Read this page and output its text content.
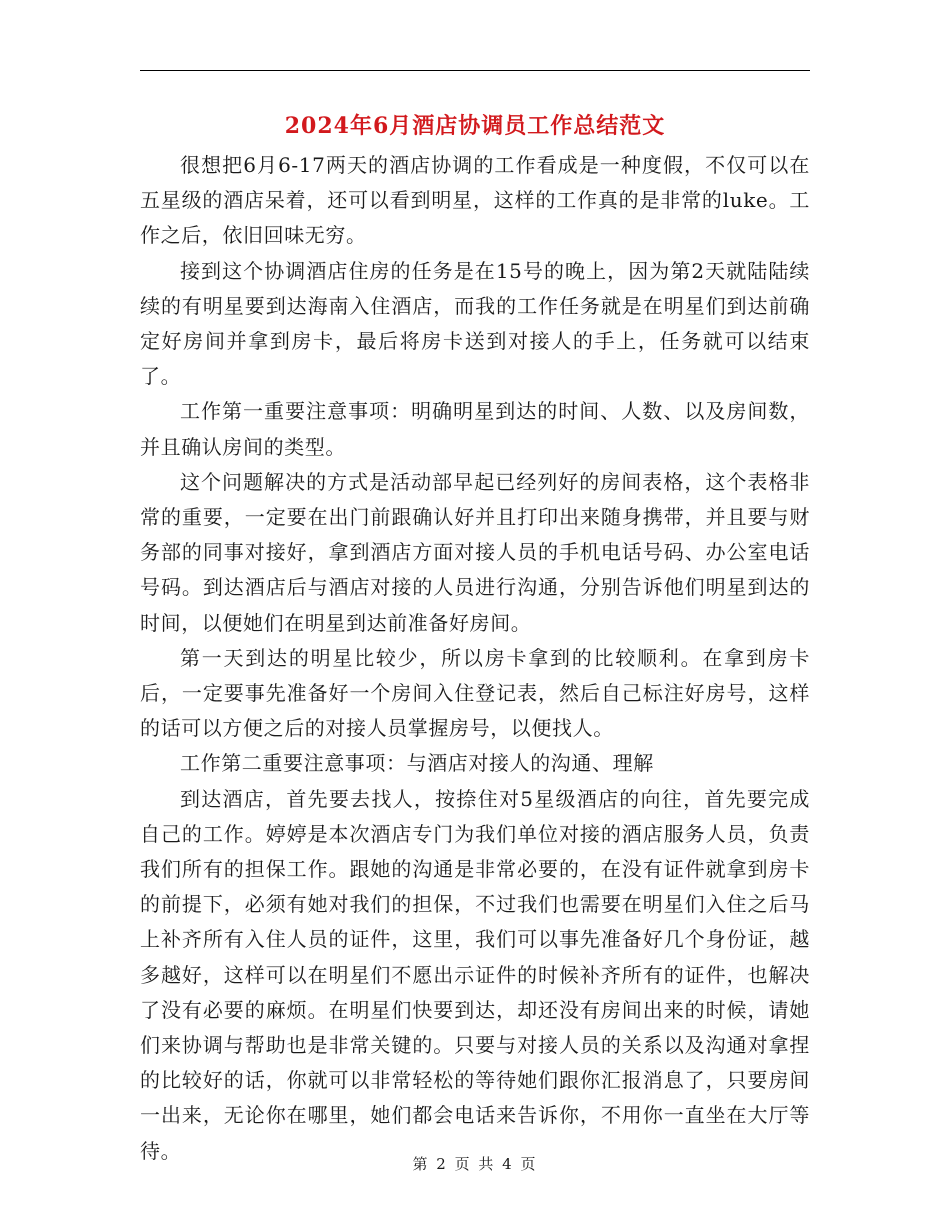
2024年6月酒店协调员工作总结范文

很想把6月6-17两天的酒店协调的工作看成是一种度假，不仅可以在五星级的酒店呆着，还可以看到明星，这样的工作真的是非常的luke。工作之后，依旧回味无穷。

接到这个协调酒店住房的任务是在15号的晚上，因为第2天就陆陆续续的有明星要到达海南入住酒店，而我的工作任务就是在明星们到达前确定好房间并拿到房卡，最后将房卡送到对接人的手上，任务就可以结束了。

工作第一重要注意事项：明确明星到达的时间、人数、以及房间数，并且确认房间的类型。

这个问题解决的方式是活动部早起已经列好的房间表格，这个表格非常的重要，一定要在出门前跟确认好并且打印出来随身携带，并且要与财务部的同事对接好，拿到酒店方面对接人员的手机电话号码、办公室电话号码。到达酒店后与酒店对接的人员进行沟通，分别告诉他们明星到达的时间，以便她们在明星到达前准备好房间。

第一天到达的明星比较少，所以房卡拿到的比较顺利。在拿到房卡后，一定要事先准备好一个房间入住登记表，然后自己标注好房号，这样的话可以方便之后的对接人员掌握房号，以便找人。

工作第二重要注意事项：与酒店对接人的沟通、理解

到达酒店，首先要去找人，按捺住对5星级酒店的向往，首先要完成自己的工作。婷婷是本次酒店专门为我们单位对接的酒店服务人员，负责我们所有的担保工作。跟她的沟通是非常必要的，在没有证件就拿到房卡的前提下，必须有她对我们的担保，不过我们也需要在明星们入住之后马上补齐所有入住人员的证件，这里，我们可以事先准备好几个身份证，越多越好，这样可以在明星们不愿出示证件的时候补齐所有的证件，也解决了没有必要的麻烦。在明星们快要到达，却还没有房间出来的时候，请她们来协调与帮助也是非常关键的。只要与对接人员的关系以及沟通对拿捏的比较好的话，你就可以非常轻松的等待她们跟你汇报消息了，只要房间一出来，无论你在哪里，她们都会电话来告诉你，不用你一直坐在大厅等待。

第 2 页 共 4 页
